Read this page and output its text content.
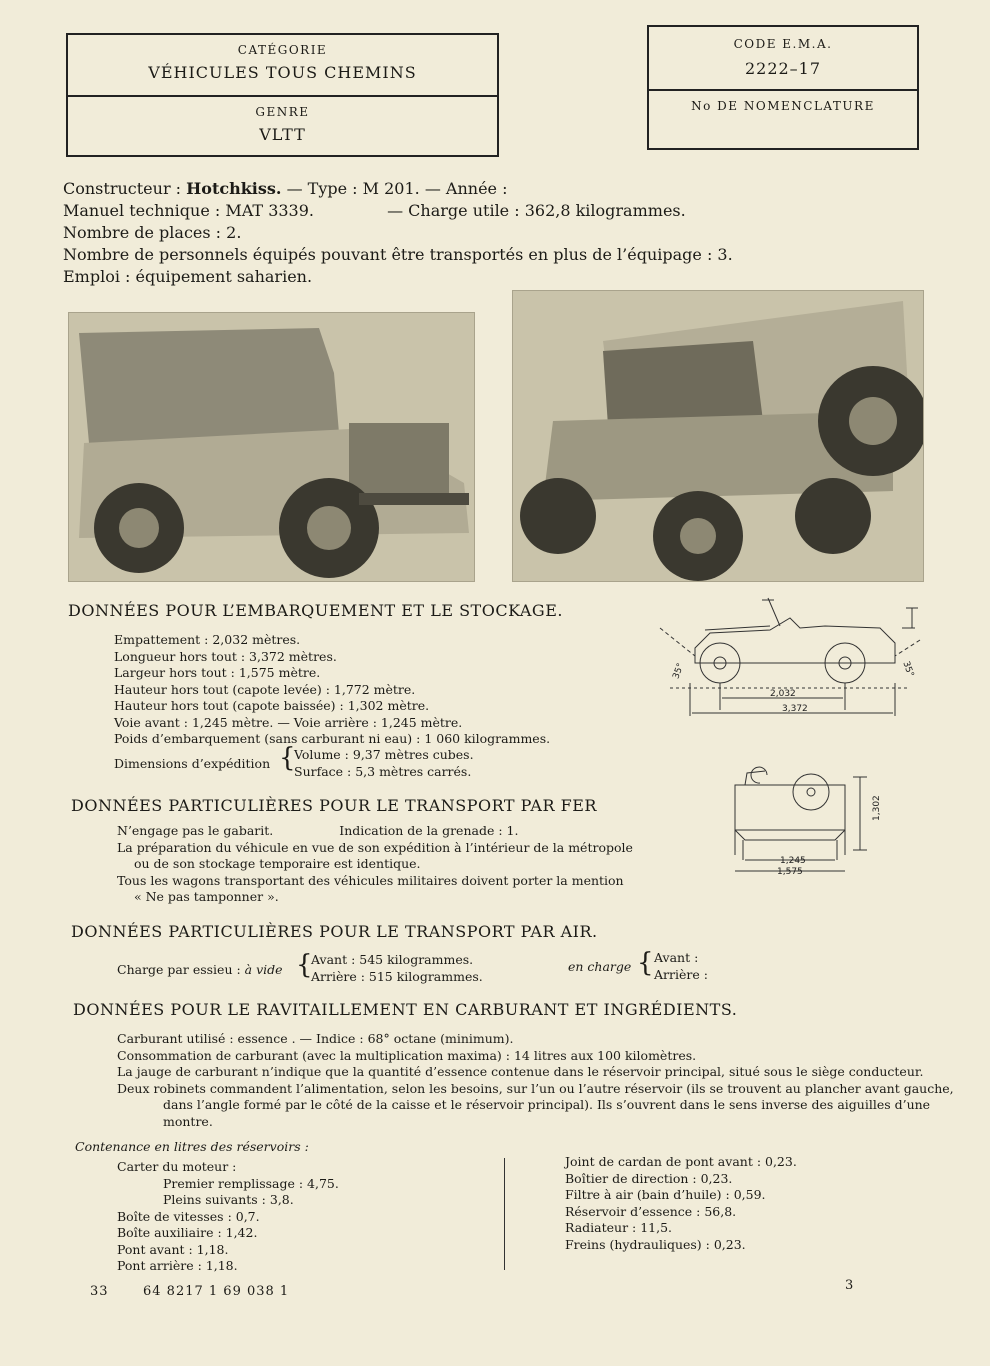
CATÉGORIE
VÉHICULES TOUS CHEMINS
GENRE
VLTT
CODE E.M.A.
2222–17
No DE NOMENCLATURE
Constructeur : Hotchkiss. — Type : M 201. — Année :
Manuel technique : MAT 3339.	— Charge utile : 362,8 kilogrammes.
Nombre de places : 2.
Nombre de personnels équipés pouvant être transportés en plus de l’équipage : 3.
Emploi : équipement saharien.
DONNÉES POUR L’EMBARQUEMENT ET LE STOCKAGE.
Empattement : 2,032 mètres.
Longueur hors tout : 3,372 mètres.
Largeur hors tout : 1,575 mètre.
Hauteur hors tout (capote levée) : 1,772 mètre.
Hauteur hors tout (capote baissée) : 1,302 mètre.
Voie avant : 1,245 mètre. — Voie arrière : 1,245 mètre.
Poids d’embarquement (sans carburant ni eau) : 1 060 kilogrammes.
Dimensions d’expédition {
Volume : 9,37 mètres cubes.
Surface : 5,3 mètres carrés.
35°	35°
2,032
3,372
1,245
1,575
1,302
DONNÉES PARTICULIÈRES POUR LE TRANSPORT PAR FER
N’engage pas le gabarit.	Indication de la grenade : 1.
La préparation du véhicule en vue de son expédition à l’intérieur de la métropole
ou de son stockage temporaire est identique.
Tous les wagons transportant des véhicules militaires doivent porter la mention
« Ne pas tamponner ».
DONNÉES PARTICULIÈRES POUR LE TRANSPORT PAR AIR.
Charge par essieu : à vide {
Avant : 545 kilogrammes.
Arrière : 515 kilogrammes.
en charge { Avant :
Arrière :
DONNÉES POUR LE RAVITAILLEMENT EN CARBURANT ET INGRÉDIENTS.
Carburant utilisé : essence . — Indice : 68° octane (minimum).
Consommation de carburant (avec la multiplication maxima) : 14 litres aux 100 kilomètres.
La jauge de carburant n’indique que la quantité d’essence contenue dans le réservoir principal, situé sous le siège conducteur.
Deux robinets commandent l’alimentation, selon les besoins, sur l’un ou l’autre réservoir (ils se trouvent au plancher avant gauche,
dans l’angle formé par le côté de la caisse et le réservoir principal). Ils s’ouvrent dans le sens inverse des aiguilles d’une
montre.
Contenance en litres des réservoirs :
Carter du moteur :
Premier remplissage : 4,75.
Pleins suivants : 3,8.
Boîte de vitesses : 0,7.
Boîte auxiliaire : 1,42.
Pont avant : 1,18.
Pont arrière : 1,18.
Joint de cardan de pont avant : 0,23.
Boîtier de direction : 0,23.
Filtre à air (bain d’huile) : 0,59.
Réservoir d’essence : 56,8.
Radiateur : 11,5.
Freins (hydrauliques) : 0,23.
33	64 8217 1 69 038 1	3
